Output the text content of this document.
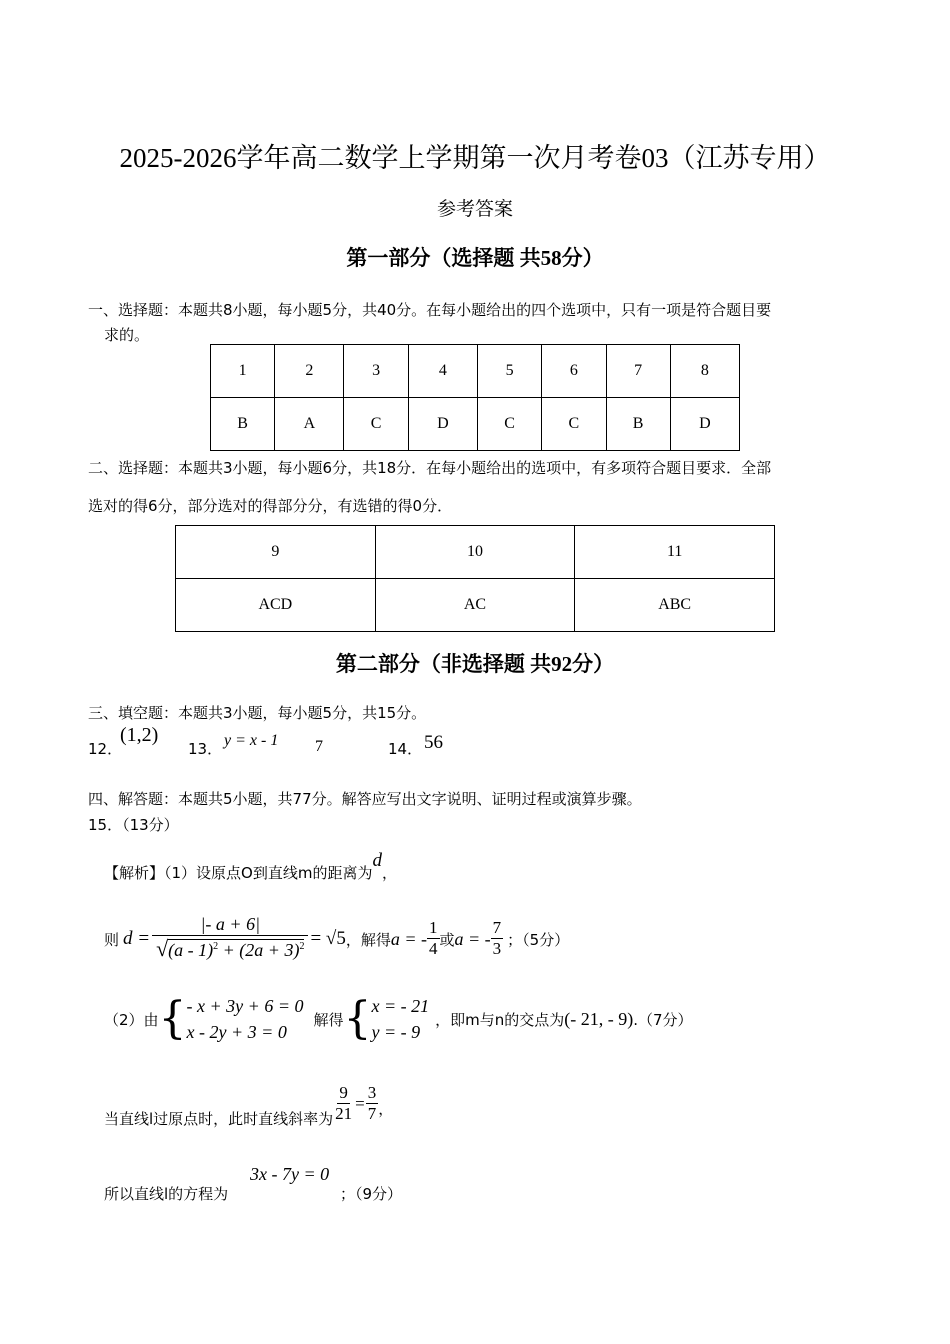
2025-2026学年高二数学上学期第一次月考卷03（江苏专用）
参考答案
第一部分（选择题 共58分）
一、选择题：本题共8小题，每小题5分，共40分。在每小题给出的四个选项中，只有一项是符合题目要
求的。
1	2	3	4	5	6	7	8
B	A	C	D	C	C	B	D
二、选择题：本题共3小题，每小题6分，共18分．在每小题给出的选项中，有多项符合题目要求．全部
选对的得6分，部分选对的得部分分，有选错的得0分．
9	10	11
ACD	AC	ABC
第二部分（非选择题 共92分）
三、填空题：本题共3小题，每小题5分，共15分。
12．
(1,2)
13． y = x - 1 7	14． 56
四、解答题：本题共5小题，共77分。解答应写出文字说明、证明过程或演算步骤。
15．（13分）
【解析】（1）设原点O到直线m的距离为d，
则 $d = \frac{|- a + 6|}{√(a - 1)^2 + (2a + 3)^2} = √5$ ，解得 a = - $\frac{1}{4}$ 或 a = - $\frac{7}{3}$ ；（5分）
（2）由 { - x + 3y + 6 = 0
x - 2y + 3 = 0
解得 { x = - 21
y = - 9
，即m与n的交点为 (- 21, - 9) .（7分）
当直线l过原点时，此时直线斜率为 $\frac{9}{21} = \frac{3}{7}$ ，
所以直线l的方程为
3x - 7y = 0
；（9分）
